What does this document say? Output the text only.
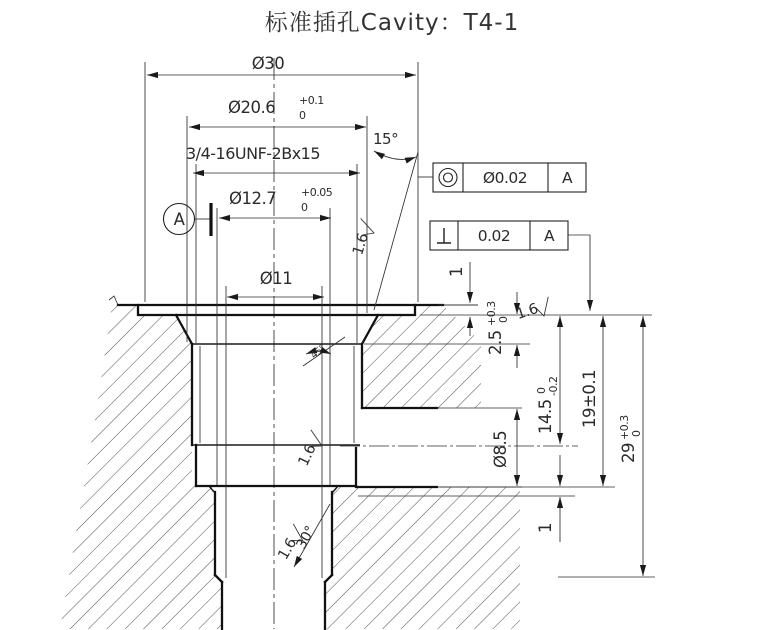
标准插孔Cavity：T4-1
Ø30
Ø20.6 +0.1
0
3/4-16UNF-2Bx15
15°
Ø12.7 +0.05
0
Ø11	1
2.5
+0.3 0
14.5
0 -0.2 19±0.1
29
+0.3 0
Ø8.5
1
30°
45°
A
Ø0.02 A
0.02 A
1.6
1.6
1.6
1.6
